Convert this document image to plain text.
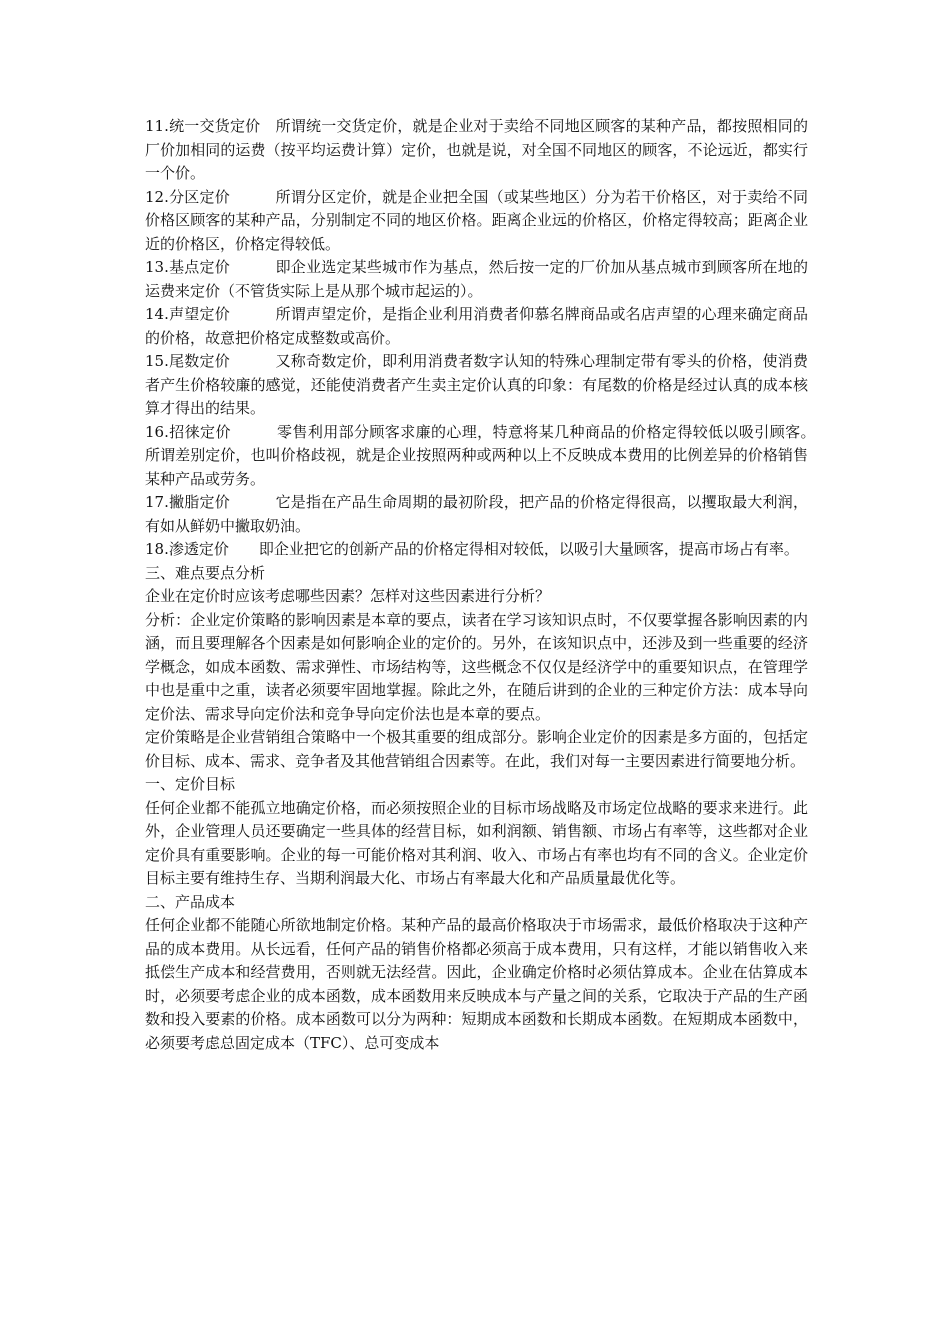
11.统一交货定价　所谓统一交货定价，就是企业对于卖给不同地区顾客的某种产品，都按照相同的厂价加相同的运费（按平均运费计算）定价，也就是说，对全国不同地区的顾客，不论远近，都实行一个价。

12.分区定价　　　所谓分区定价，就是企业把全国（或某些地区）分为若干价格区，对于卖给不同价格区顾客的某种产品，分别制定不同的地区价格。距离企业远的价格区，价格定得较高；距离企业近的价格区，价格定得较低。

13.基点定价　　　即企业选定某些城市作为基点，然后按一定的厂价加从基点城市到顾客所在地的运费来定价（不管货实际上是从那个城市起运的）。

14.声望定价　　　所谓声望定价，是指企业利用消费者仰慕名牌商品或名店声望的心理来确定商品的价格，故意把价格定成整数或高价。

15.尾数定价　　　又称奇数定价，即利用消费者数字认知的特殊心理制定带有零头的价格，使消费者产生价格较廉的感觉，还能使消费者产生卖主定价认真的印象：有尾数的价格是经过认真的成本核算才得出的结果。

16.招徕定价　　　零售利用部分顾客求廉的心理，特意将某几种商品的价格定得较低以吸引顾客。　所谓差别定价，也叫价格歧视，就是企业按照两种或两种以上不反映成本费用的比例差异的价格销售某种产品或劳务。

17.撇脂定价　　　它是指在产品生命周期的最初阶段，把产品的价格定得很高，以攫取最大利润，有如从鲜奶中撇取奶油。

18.渗透定价　　即企业把它的创新产品的价格定得相对较低，以吸引大量顾客，提高市场占有率。

三、难点要点分析

企业在定价时应该考虑哪些因素？怎样对这些因素进行分析？

分析：企业定价策略的影响因素是本章的要点，读者在学习该知识点时，不仅要掌握各影响因素的内涵，而且要理解各个因素是如何影响企业的定价的。另外，在该知识点中，还涉及到一些重要的经济学概念，如成本函数、需求弹性、市场结构等，这些概念不仅仅是经济学中的重要知识点，在管理学中也是重中之重，读者必须要牢固地掌握。除此之外，在随后讲到的企业的三种定价方法：成本导向定价法、需求导向定价法和竞争导向定价法也是本章的要点。

定价策略是企业营销组合策略中一个极其重要的组成部分。影响企业定价的因素是多方面的，包括定价目标、成本、需求、竞争者及其他营销组合因素等。在此，我们对每一主要因素进行简要地分析。

一、定价目标

任何企业都不能孤立地确定价格，而必须按照企业的目标市场战略及市场定位战略的要求来进行。此外，企业管理人员还要确定一些具体的经营目标，如利润额、销售额、市场占有率等，这些都对企业定价具有重要影响。企业的每一可能价格对其利润、收入、市场占有率也均有不同的含义。企业定价目标主要有维持生存、当期利润最大化、市场占有率最大化和产品质量最优化等。

二、产品成本

任何企业都不能随心所欲地制定价格。某种产品的最高价格取决于市场需求，最低价格取决于这种产品的成本费用。从长远看，任何产品的销售价格都必须高于成本费用，只有这样，才能以销售收入来抵偿生产成本和经营费用，否则就无法经营。因此，企业确定价格时必须估算成本。企业在估算成本时，必须要考虑企业的成本函数，成本函数用来反映成本与产量之间的关系，它取决于产品的生产函数和投入要素的价格。成本函数可以分为两种：短期成本函数和长期成本函数。在短期成本函数中，必须要考虑总固定成本（TFC）、总可变成本
